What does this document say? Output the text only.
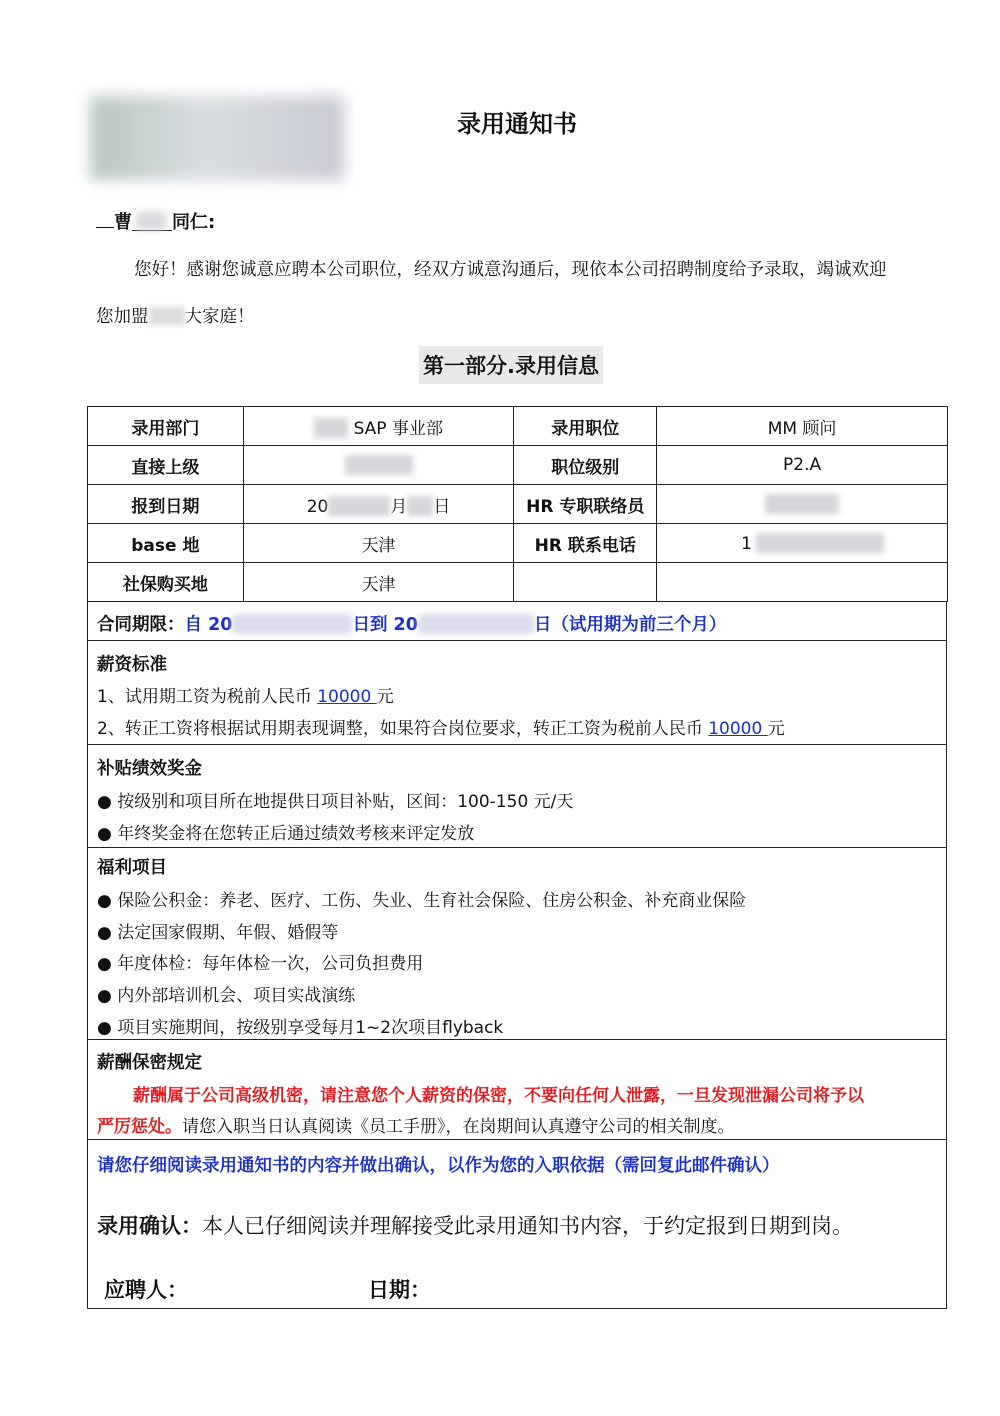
录用通知书
曹 同仁:
您好！感谢您诚意应聘本公司职位，经双方诚意沟通后，现依本公司招聘制度给予录取，竭诚欢迎
您加盟 大家庭！
第一部分.录用信息
录用部门	SAP 事业部	录用职位	MM 顾问
直接上级		职位级别	P2.A
报到日期	20 月 日	HR 专职联络员	
base 地	天津	HR 联系电话	1
社保购买地	天津		
合同期限：自 20	日到 20	日（试用期为前三个月）
薪资标准
1、试用期工资为税前人民币 10000 元
2、转正工资将根据试用期表现调整，如果符合岗位要求，转正工资为税前人民币 10000 元
补贴绩效奖金
● 按级别和项目所在地提供日项目补贴，区间：100-150 元/天
● 年终奖金将在您转正后通过绩效考核来评定发放
福利项目
● 保险公积金：养老、医疗、工伤、失业、生育社会保险、住房公积金、补充商业保险
● 法定国家假期、年假、婚假等
● 年度体检：每年体检一次，公司负担费用
● 内外部培训机会、项目实战演练
● 项目实施期间，按级别享受每月1~2次项目flyback
薪酬保密规定
薪酬属于公司高级机密，请注意您个人薪资的保密，不要向任何人泄露，一旦发现泄漏公司将予以
严厉惩处。请您入职当日认真阅读《员工手册》，在岗期间认真遵守公司的相关制度。
请您仔细阅读录用通知书的内容并做出确认，以作为您的入职依据（需回复此邮件确认）
录用确认：本人已仔细阅读并理解接受此录用通知书内容，于约定报到日期到岗。
应聘人：	日期：
